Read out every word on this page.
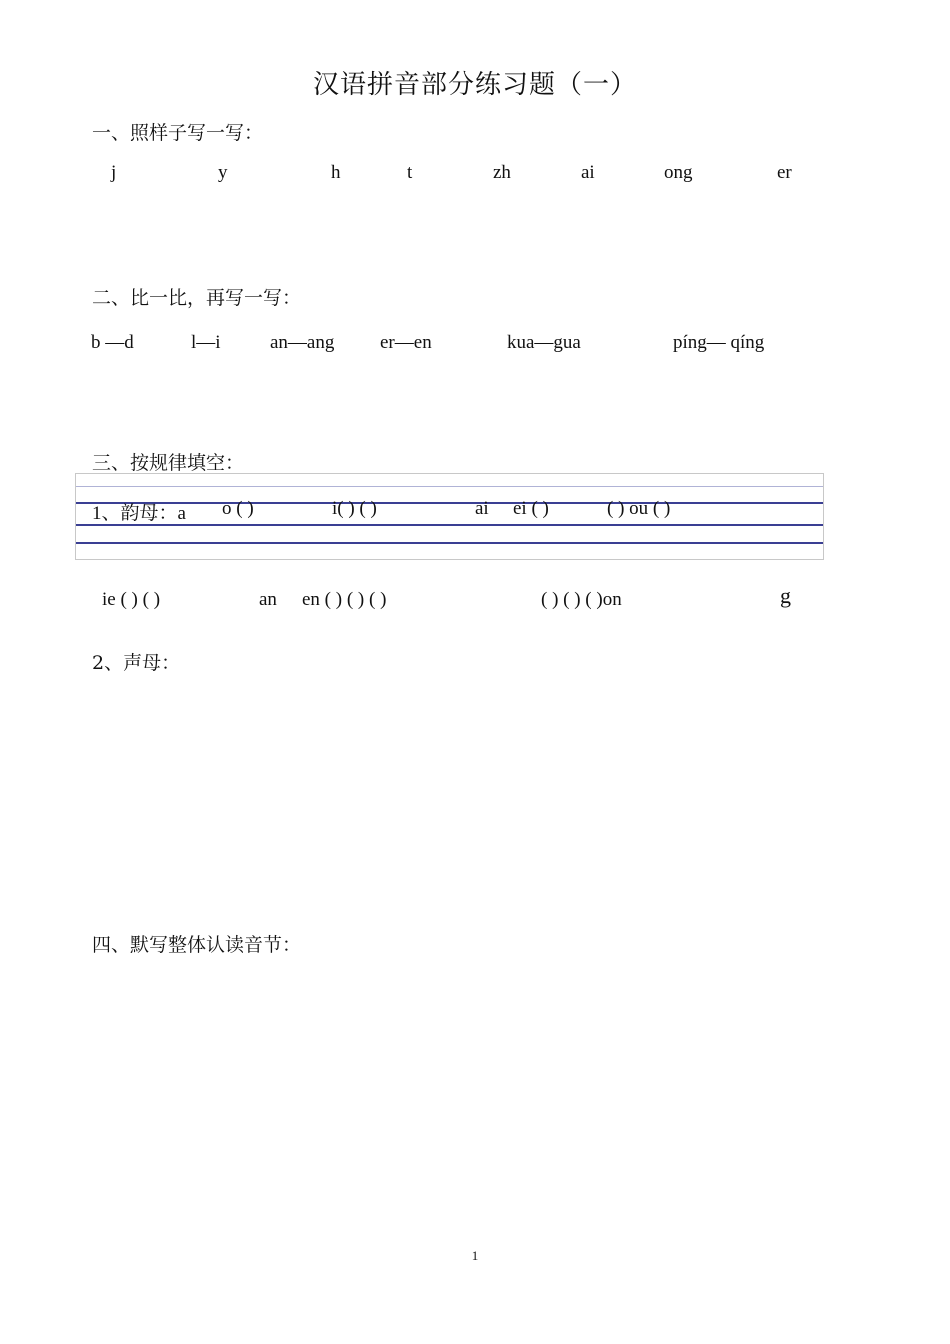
汉语拼音部分练习题（一）
一、照样子写一写：
j	y	h	t	zh	ai	ong	er
二、比一比，再写一写：
b —d	l—i	an—ang er—en	kua—gua	píng— qíng
三、按规律填空：
1、韵母：a o ( )	i( ) ( )	ai ei ( )	( ) ou ( )
ie ( ) ( )	an en ( ) ( ) ( )	( ) ( ) ( )on	g
2、声母：
四、默写整体认读音节：
1
